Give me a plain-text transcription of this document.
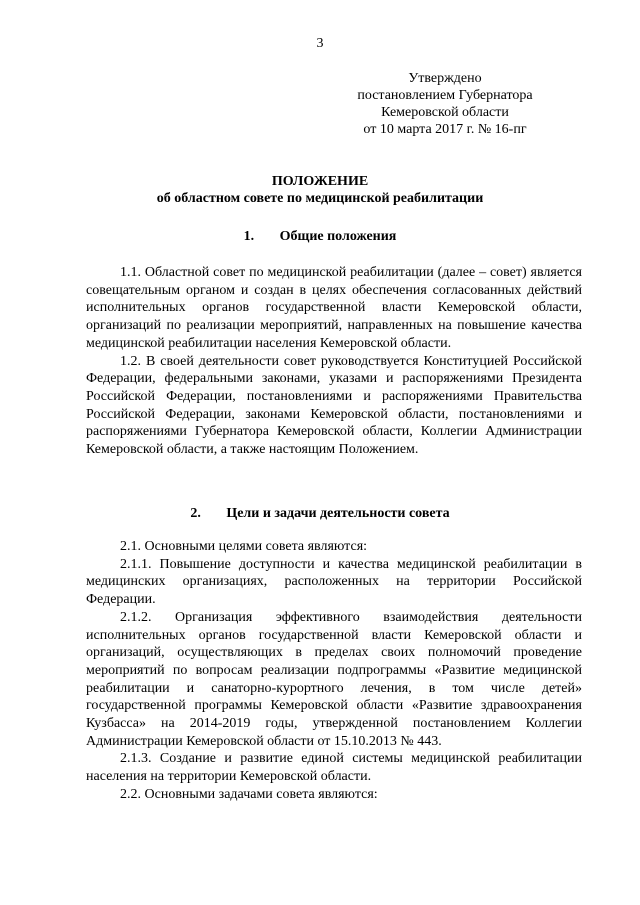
3
Утверждено
постановлением Губернатора
Кемеровской области
от 10 марта 2017 г. № 16-пг
ПОЛОЖЕНИЕ
об областном совете по медицинской реабилитации
1. Общие положения

1.1. Областной совет по медицинской реабилитации (далее – совет) является совещательным органом и создан в целях обеспечения согласованных действий исполнительных органов государственной власти Кемеровской области, организаций по реализации мероприятий, направленных на повышение качества медицинской реабилитации населения Кемеровской области.

1.2. В своей деятельности совет руководствуется Конституцией Российской Федерации, федеральными законами, указами и распоряжениями Президента Российской Федерации, постановлениями и распоряжениями Правительства Российской Федерации, законами Кемеровской области, постановлениями и распоряжениями Губернатора Кемеровской области, Коллегии Администрации Кемеровской области, а также настоящим Положением.

2. Цели и задачи деятельности совета

2.1. Основными целями совета являются:

2.1.1. Повышение доступности и качества медицинской реабилитации в медицинских организациях, расположенных на территории Российской Федерации.

2.1.2. Организация эффективного взаимодействия деятельности исполнительных органов государственной власти Кемеровской области и организаций, осуществляющих в пределах своих полномочий проведение мероприятий по вопросам реализации подпрограммы «Развитие медицинской реабилитации и санаторно-курортного лечения, в том числе детей» государственной программы Кемеровской области «Развитие здравоохранения Кузбасса» на 2014-2019 годы, утвержденной постановлением Коллегии Администрации Кемеровской области от 15.10.2013 № 443.

2.1.3. Создание и развитие единой системы медицинской реабилитации населения на территории Кемеровской области.

2.2. Основными задачами совета являются:
